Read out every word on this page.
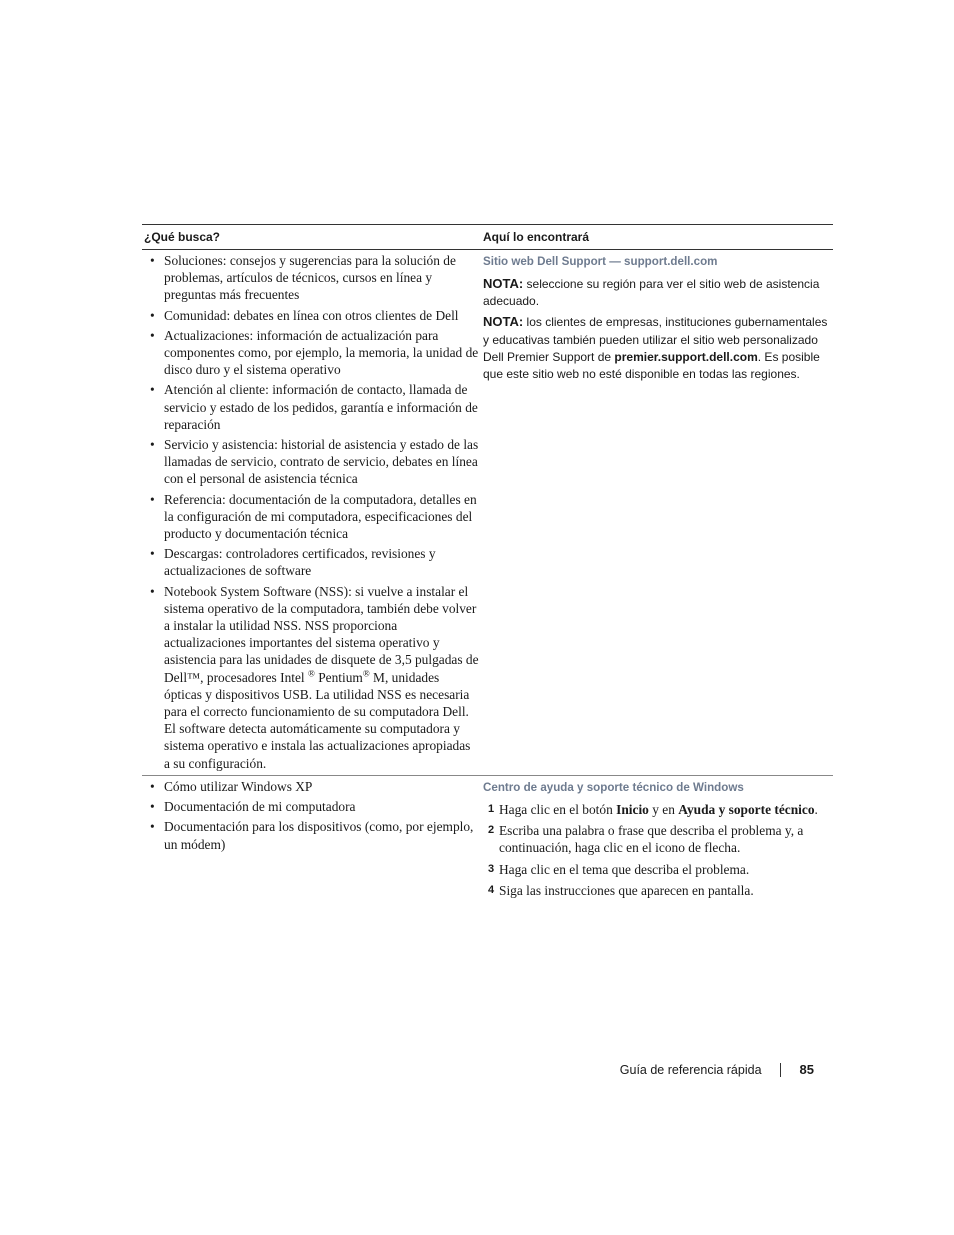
¿Qué busca?	Aquí lo encontrará
• Soluciones: consejos y sugerencias para la solución de problemas, artículos de técnicos, cursos en línea y preguntas más frecuentes
• Comunidad: debates en línea con otros clientes de Dell
• Actualizaciones: información de actualización para componentes como, por ejemplo, la memoria, la unidad de disco duro y el sistema operativo
• Atención al cliente: información de contacto, llamada de servicio y estado de los pedidos, garantía e información de reparación
• Servicio y asistencia: historial de asistencia y estado de las llamadas de servicio, contrato de servicio, debates en línea con el personal de asistencia técnica
• Referencia: documentación de la computadora, detalles en la configuración de mi computadora, especificaciones del producto y documentación técnica
• Descargas: controladores certificados, revisiones y actualizaciones de software
• Notebook System Software (NSS): si vuelve a instalar el sistema operativo de la computadora, también debe volver a instalar la utilidad NSS. NSS proporciona actualizaciones importantes del sistema operativo y asistencia para las unidades de disquete de 3,5 pulgadas de Dell™, procesadores Intel ® Pentium® M, unidades ópticas y dispositivos USB. La utilidad NSS es necesaria para el correcto funcionamiento de su computadora Dell. El software detecta automáticamente su computadora y sistema operativo e instala las actualizaciones apropiadas a su configuración.

Sitio web Dell Support — support.dell.com

NOTA: seleccione su región para ver el sitio web de asistencia adecuado.

NOTA: los clientes de empresas, instituciones gubernamentales y educativas también pueden utilizar el sitio web personalizado Dell Premier Support de premier.support.dell.com. Es posible que este sitio web no esté disponible en todas las regiones.

• Cómo utilizar Windows XP
• Documentación de mi computadora
• Documentación para los dispositivos (como, por ejemplo, un módem)

Centro de ayuda y soporte técnico de Windows

1 Haga clic en el botón Inicio y en Ayuda y soporte técnico.
2 Escriba una palabra o frase que describa el problema y, a continuación, haga clic en el icono de flecha.
3 Haga clic en el tema que describa el problema.
4 Siga las instrucciones que aparecen en pantalla.
Guía de referencia rápida	85
